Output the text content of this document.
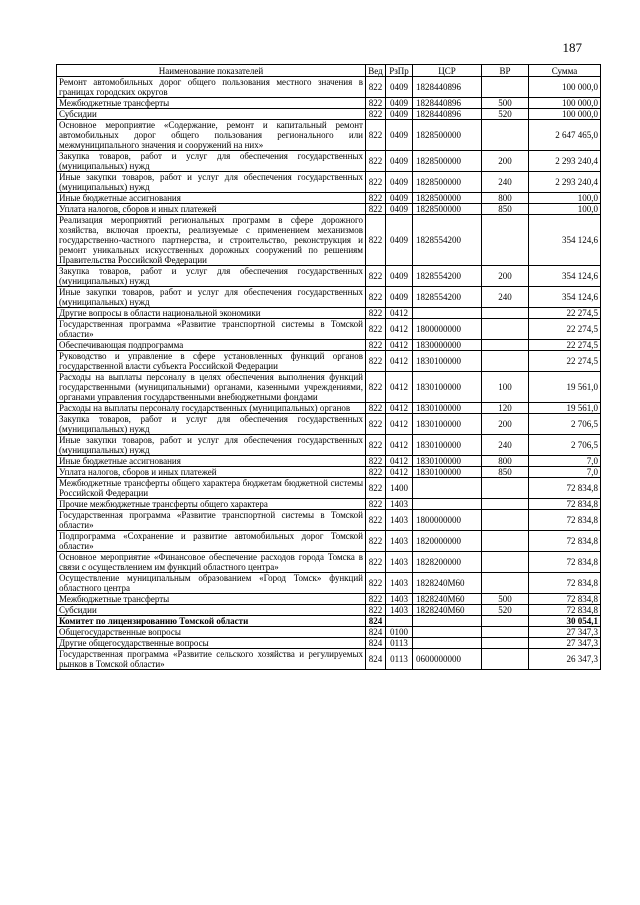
187
Наименование показателей	Вед	РзПр	ЦСР	ВР	Сумма
Ремонт автомобильных дорог общего пользования местного значения в границах городских округов	822	0409	1828440896		100 000,0
Межбюджетные трансферты	822	0409	1828440896	500	100 000,0
Субсидии	822	0409	1828440896	520	100 000,0
Основное мероприятие «Содержание, ремонт и капитальный ремонт автомобильных дорог общего пользования регионального или межмуниципального значения и сооружений на них»	822	0409	1828500000		2 647 465,0
Закупка товаров, работ и услуг для обеспечения государственных (муниципальных) нужд	822	0409	1828500000	200	2 293 240,4
Иные закупки товаров, работ и услуг для обеспечения государственных (муниципальных) нужд	822	0409	1828500000	240	2 293 240,4
Иные бюджетные ассигнования	822	0409	1828500000	800	100,0
Уплата налогов, сборов и иных платежей	822	0409	1828500000	850	100,0
Реализация мероприятий региональных программ в сфере дорожного хозяйства, включая проекты, реализуемые с применением механизмов государственно-частного партнерства, и строительство, реконструкция и ремонт уникальных искусственных дорожных сооружений по решениям Правительства Российской Федерации	822	0409	1828554200		354 124,6
Закупка товаров, работ и услуг для обеспечения государственных (муниципальных) нужд	822	0409	1828554200	200	354 124,6
Иные закупки товаров, работ и услуг для обеспечения государственных (муниципальных) нужд	822	0409	1828554200	240	354 124,6
Другие вопросы в области национальной экономики	822	0412			22 274,5
Государственная программа «Развитие транспортной системы в Томской области»	822	0412	1800000000		22 274,5
Обеспечивающая подпрограмма	822	0412	1830000000		22 274,5
Руководство и управление в сфере установленных функций органов государственной власти субъекта Российской Федерации	822	0412	1830100000		22 274,5
Расходы на выплаты персоналу в целях обеспечения выполнения функций государственными (муниципальными) органами, казенными учреждениями, органами управления государственными внебюджетными фондами	822	0412	1830100000	100	19 561,0
Расходы на выплаты персоналу государственных (муниципальных) органов	822	0412	1830100000	120	19 561,0
Закупка товаров, работ и услуг для обеспечения государственных (муниципальных) нужд	822	0412	1830100000	200	2 706,5
Иные закупки товаров, работ и услуг для обеспечения государственных (муниципальных) нужд	822	0412	1830100000	240	2 706,5
Иные бюджетные ассигнования	822	0412	1830100000	800	7,0
Уплата налогов, сборов и иных платежей	822	0412	1830100000	850	7,0
Межбюджетные трансферты общего характера бюджетам бюджетной системы Российской Федерации	822	1400			72 834,8
Прочие межбюджетные трансферты общего характера	822	1403			72 834,8
Государственная программа «Развитие транспортной системы в Томской области»	822	1403	1800000000		72 834,8
Подпрограмма «Сохранение и развитие автомобильных дорог Томской области»	822	1403	1820000000		72 834,8
Основное мероприятие «Финансовое обеспечение расходов города Томска в связи с осуществлением им функций областного центра»	822	1403	1828200000		72 834,8
Осуществление муниципальным образованием «Город Томск» функций областного центра	822	1403	1828240М60		72 834,8
Межбюджетные трансферты	822	1403	1828240М60	500	72 834,8
Субсидии	822	1403	1828240М60	520	72 834,8
Комитет по лицензированию Томской области	824				30 054,1
Общегосударственные вопросы	824	0100			27 347,3
Другие общегосударственные вопросы	824	0113			27 347,3
Государственная программа «Развитие сельского хозяйства и регулируемых рынков в Томской области»	824	0113	0600000000		26 347,3
